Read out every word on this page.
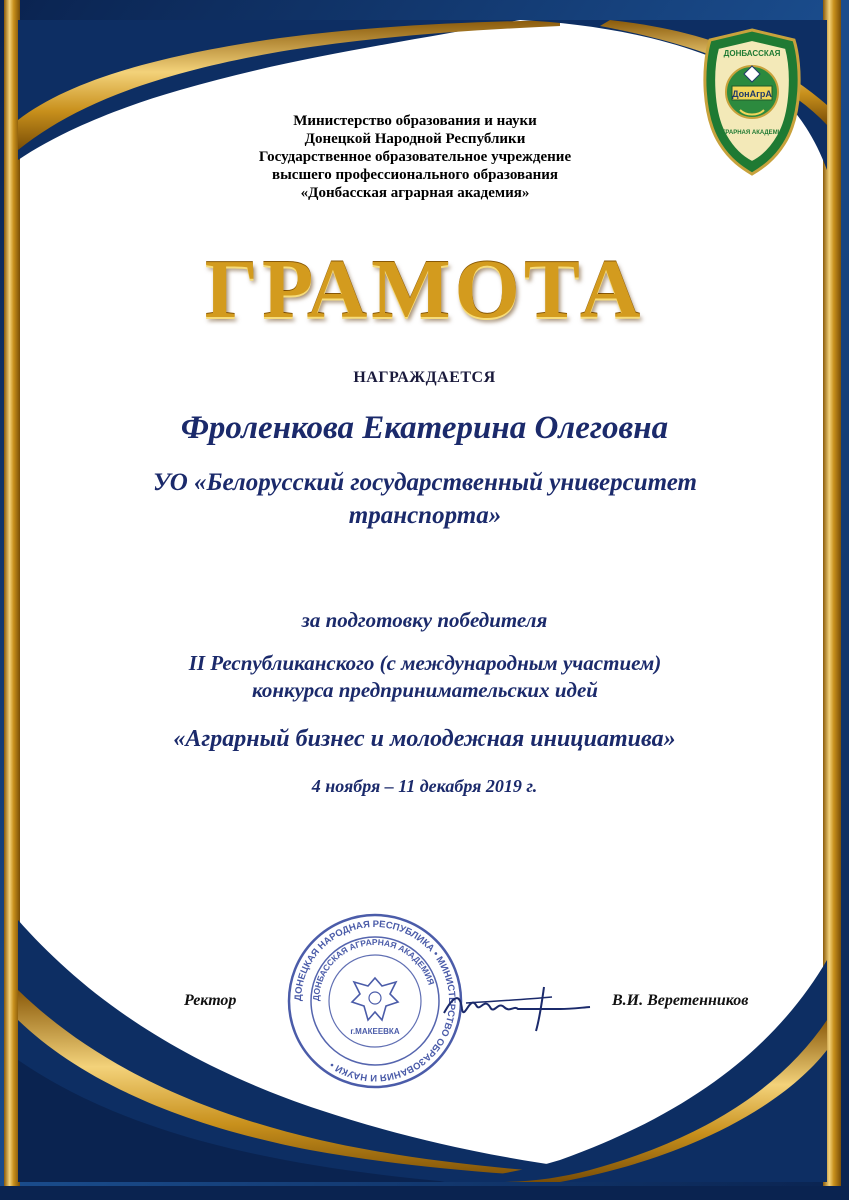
ДонАгрА
ДОНБАССКАЯ
АГРАРНАЯ АКАДЕМИЯ
Министерство образования и науки
Донецкой Народной Республики
Государственное образовательное учреждение
высшего профессионального образования
«Донбасская аграрная академия»
ГРАМОТА
НАГРАЖДАЕТСЯ
Фроленкова Екатерина Олеговна
УО «Белорусский государственный университет
транспорта»
за подготовку победителя
II Республиканского (с международным участием)
конкурса предпринимательских идей
«Аграрный бизнес и молодежная инициатива»
4 ноября – 11 декабря 2019 г.
ДОНЕЦКАЯ НАРОДНАЯ РЕСПУБЛИКА • МИНИСТЕРСТВО ОБРАЗОВАНИЯ И НАУКИ •
ДОНБАССКАЯ АГРАРНАЯ АКАДЕМИЯ
г.МАКЕЕВКА
Ректор	В.И. Веретенников
